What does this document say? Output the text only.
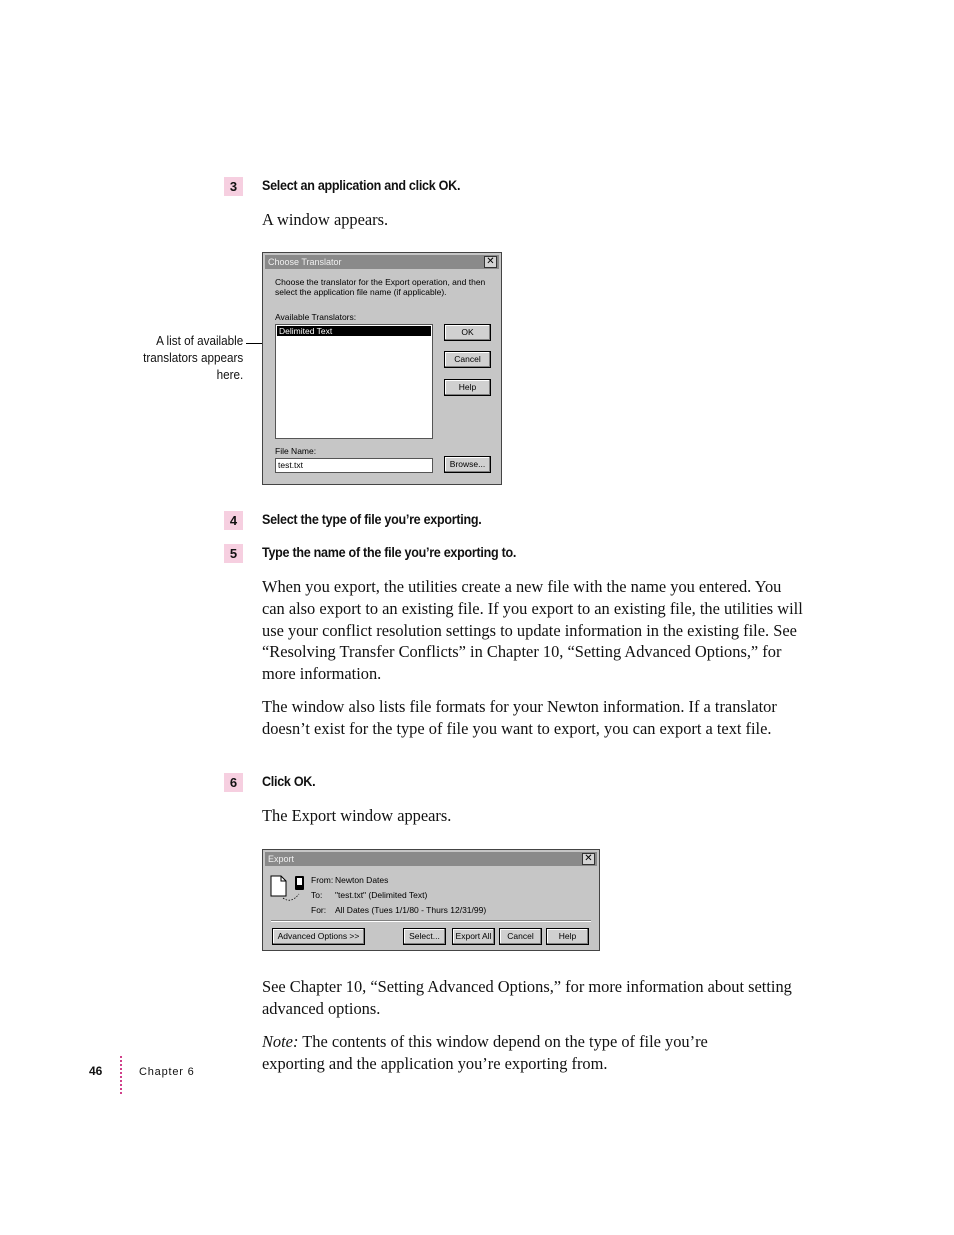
3	Select an application and click OK.
A window appears.
A list of available
translators appears
here.
Choose Translator	✕
Choose the translator for the Export operation, and then
select the application file name (if applicable).
Available Translators:
Delimited Text	OK
Cancel
Help
File Name:
test.txt	Browse...
4	Select the type of file you’re exporting.
5	Type the name of the file you’re exporting to.
When you export, the utilities create a new file with the name you entered. You can also export to an existing file. If you export to an existing file, the utilities will use your conflict resolution settings to update information in the existing file. See “Resolving Transfer Conflicts” in Chapter 10, “Setting Advanced Options,” for more information.
The window also lists file formats for your Newton information. If a translator doesn’t exist for the type of file you want to export, you can export a text file.
6	Click OK.
The Export window appears.
Export	✕
From: Newton Dates
To: "test.txt" (Delimited Text)
For: All Dates (Tues 1/1/80 - Thurs 12/31/99)
Advanced Options >>	Select...	Export All	Cancel	Help
See Chapter 10, “Setting Advanced Options,” for more information about setting advanced options.
Note: The contents of this window depend on the type of file you’re exporting and the application you’re exporting from.
46	Chapter 6
